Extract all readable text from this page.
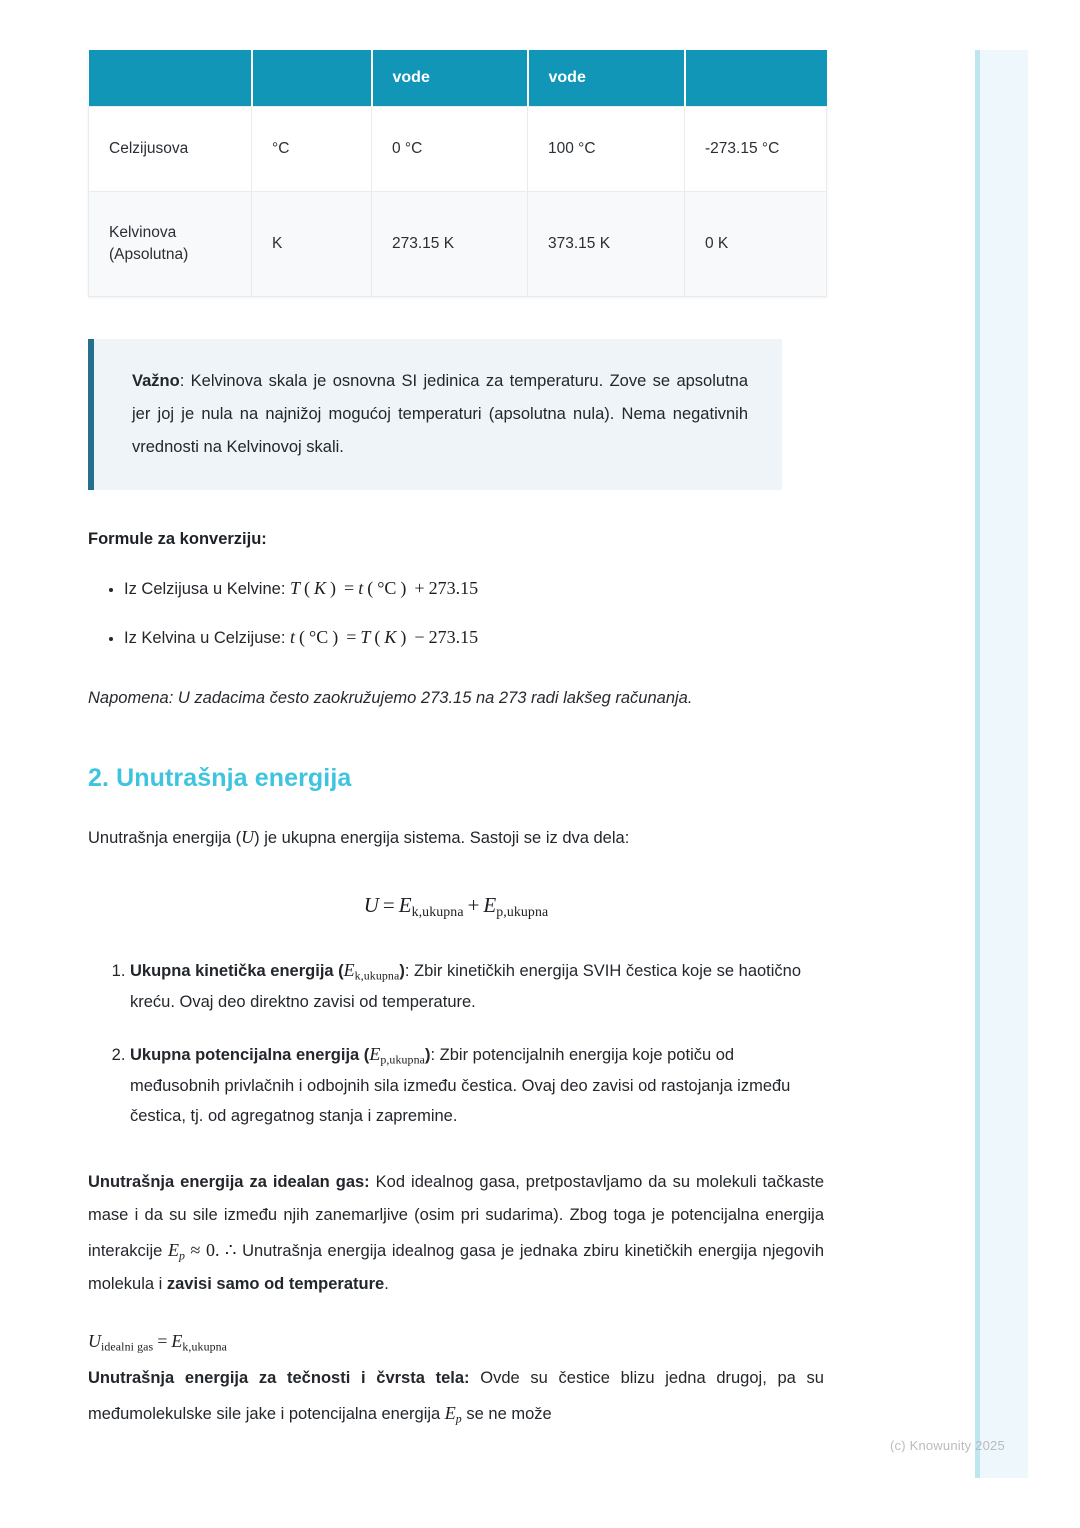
		vode	vode	
Celzijusova	°C	0 °C	100 °C	-273.15 °C
Kelvinova
(Apsolutna)	K	273.15 K	373.15 K	0 K

Važno: Kelvinova skala je osnovna SI jedinica za temperaturu. Zove se apsolutna jer joj je nula na najnižoj mogućoj temperaturi (apsolutna nula). Nema negativnih vrednosti na Kelvinovoj skali.

Formule za konverziju:
• Iz Celzijusa u Kelvine: T ( K ) = t ( °C ) + 273.15
• Iz Kelvina u Celzijuse: t ( °C ) = T ( K ) − 273.15
Napomena: U zadacima često zaokružujemo 273.15 na 273 radi lakšeg računanja.
2. Unutrašnja energija

Unutrašnja energija (U) je ukupna energija sistema. Sastoji se iz dva dela:

$U = E_{k,ukupna} + E_{p,ukupna}$
1. Ukupna kinetička energija $(E_{k,ukupna})$: Zbir kinetičkih energija SVIH čestica koje se haotično kreću. Ovaj deo direktno zavisi od temperature.
2. Ukupna potencijalna energija $(E_{p,ukupna})$: Zbir potencijalnih energija koje potiču od međusobnih privlačnih i odbojnih sila između čestica. Ovaj deo zavisi od rastojanja između čestica, tj. od agregatnog stanja i zapremine.

Unutrašnja energija za idealan gas: Kod idealnog gasa, pretpostavljamo da su molekuli tačkaste mase i da su sile između njih zanemarljive (osim pri sudarima). Zbog toga je potencijalna energija interakcije $E_p \approx 0$. ∴ Unutrašnja energija idealnog gasa je jednaka zbiru kinetičkih energija njegovih molekula i zavisi samo od temperature.

$U_{idealni gas} = E_{k,ukupna}$

Unutrašnja energija za tečnosti i čvrsta tela: Ovde su čestice blizu jedna drugoj, pa su međumolekulske sile jake i potencijalna energija $E_p$ se ne može

(c) Knowunity 2025
